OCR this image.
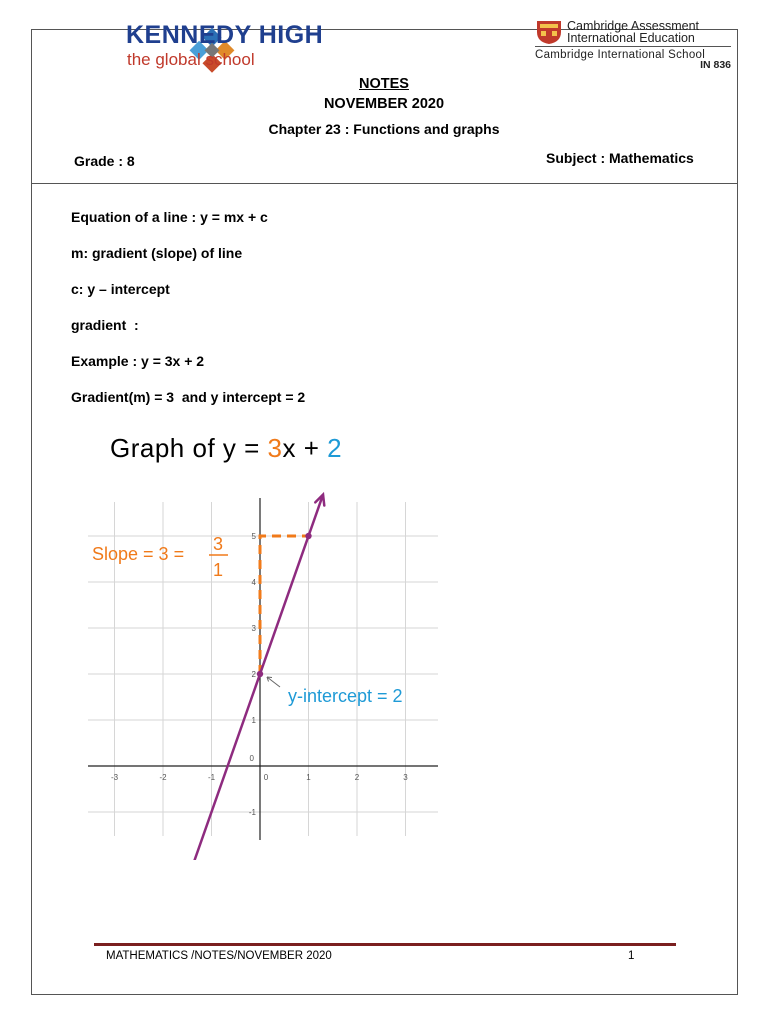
KENNEDY HIGH
the global school
Cambridge Assessment
International Education
Cambridge International School
IN 836
NOTES
NOVEMBER 2020
Chapter 23 : Functions and graphs
Grade : 8	Subject : Mathematics
Equation of a line : y = mx + c
m: gradient (slope) of line
c: y – intercept
gradient  :
Example : y = 3x + 2
Gradient(m) = 3  and y intercept = 2
Graph of y = 3x + 2
-3	-2	-1	0	1	2	3
-1
0
1
2
3
4
5
Slope = 3 = 3
1
y-intercept = 2
MATHEMATICS /NOTES/NOVEMBER 2020	1
